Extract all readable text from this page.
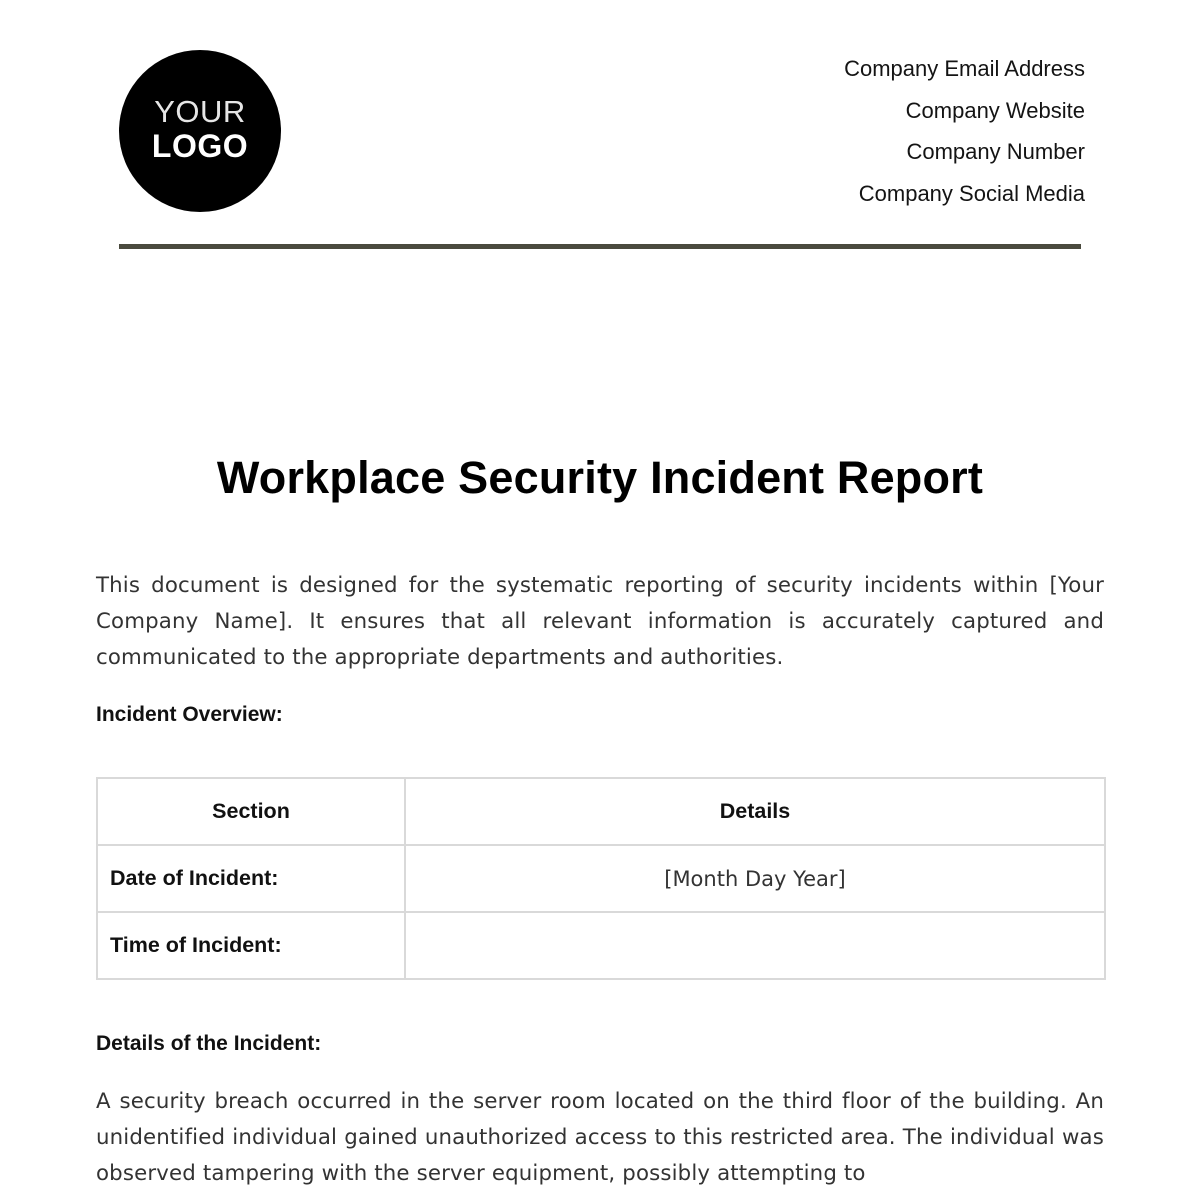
YOUR
LOGO
Company Email Address
Company Website
Company Number
Company Social Media
Workplace Security Incident Report

This document is designed for the systematic reporting of security incidents within [Your Company Name]. It ensures that all relevant information is accurately captured and communicated to the appropriate departments and authorities.

Incident Overview:
Section	Details
Date of Incident:	[Month Day Year]
Time of Incident:	
Details of the Incident:

A security breach occurred in the server room located on the third floor of the building. An unidentified individual gained unauthorized access to this restricted area. The individual was observed tampering with the server equipment, possibly attempting to
